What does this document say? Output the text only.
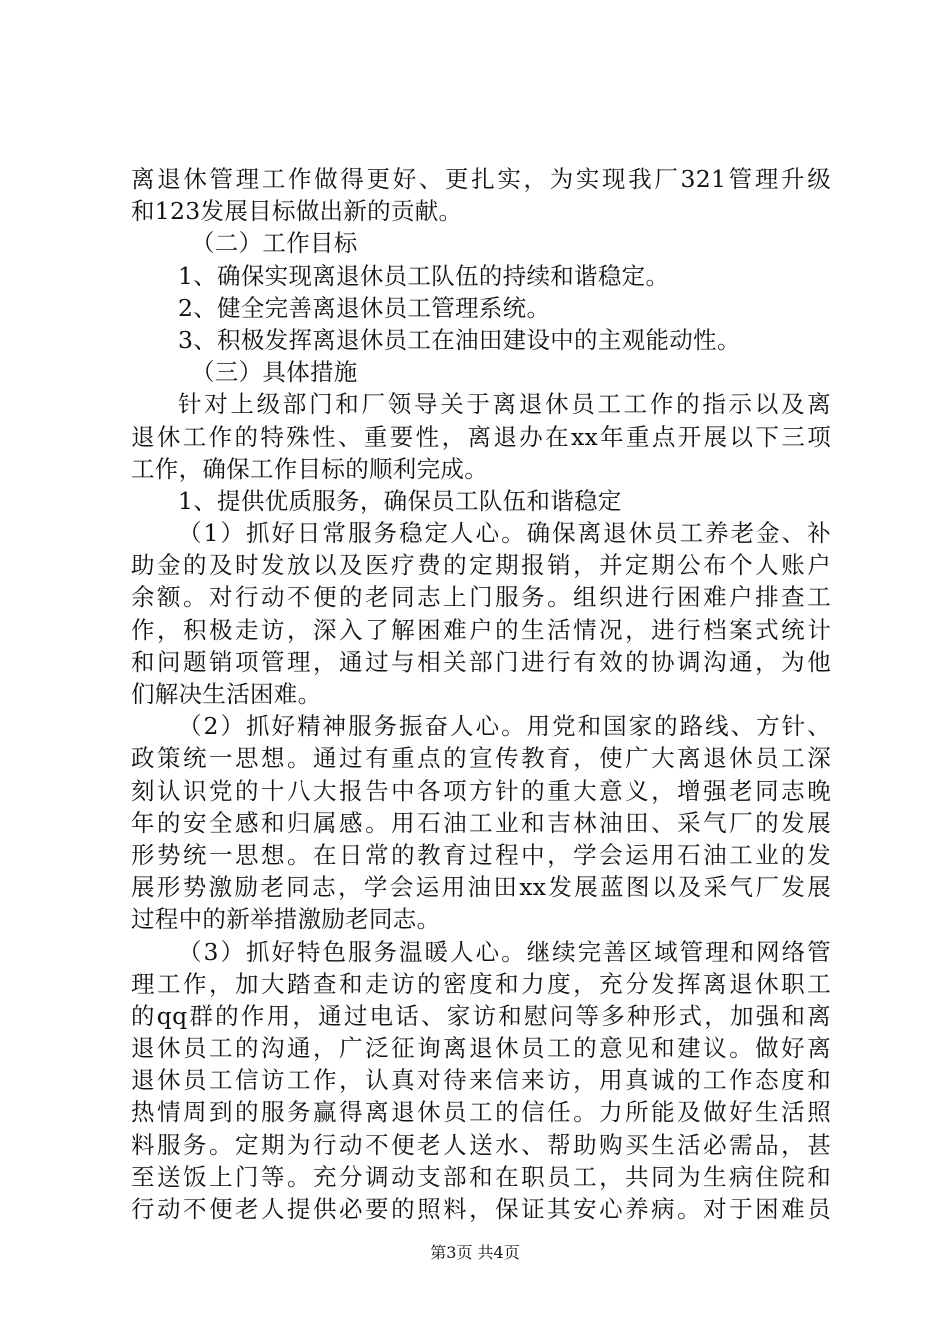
离退休管理工作做得更好、更扎实，为实现我厂321管理升级
和123发展目标做出新的贡献。
（二）工作目标
1、确保实现离退休员工队伍的持续和谐稳定。
2、健全完善离退休员工管理系统。
3、积极发挥离退休员工在油田建设中的主观能动性。
（三）具体措施
针对上级部门和厂领导关于离退休员工工作的指示以及离
退休工作的特殊性、重要性，离退办在xx年重点开展以下三项
工作，确保工作目标的顺利完成。
1、提供优质服务，确保员工队伍和谐稳定
（1）抓好日常服务稳定人心。确保离退休员工养老金、补
助金的及时发放以及医疗费的定期报销，并定期公布个人账户
余额。对行动不便的老同志上门服务。组织进行困难户排查工
作，积极走访，深入了解困难户的生活情况，进行档案式统计
和问题销项管理，通过与相关部门进行有效的协调沟通，为他
们解决生活困难。
（2）抓好精神服务振奋人心。用党和国家的路线、方针、
政策统一思想。通过有重点的宣传教育，使广大离退休员工深
刻认识党的十八大报告中各项方针的重大意义，增强老同志晚
年的安全感和归属感。用石油工业和吉林油田、采气厂的发展
形势统一思想。在日常的教育过程中，学会运用石油工业的发
展形势激励老同志，学会运用油田xx发展蓝图以及采气厂发展
过程中的新举措激励老同志。
（3）抓好特色服务温暖人心。继续完善区域管理和网络管
理工作，加大踏查和走访的密度和力度，充分发挥离退休职工
的qq群的作用，通过电话、家访和慰问等多种形式，加强和离
退休员工的沟通，广泛征询离退休员工的意见和建议。做好离
退休员工信访工作，认真对待来信来访，用真诚的工作态度和
热情周到的服务赢得离退休员工的信任。力所能及做好生活照
料服务。定期为行动不便老人送水、帮助购买生活必需品，甚
至送饭上门等。充分调动支部和在职员工，共同为生病住院和
行动不便老人提供必要的照料，保证其安心养病。对于困难员
第3页 共4页
